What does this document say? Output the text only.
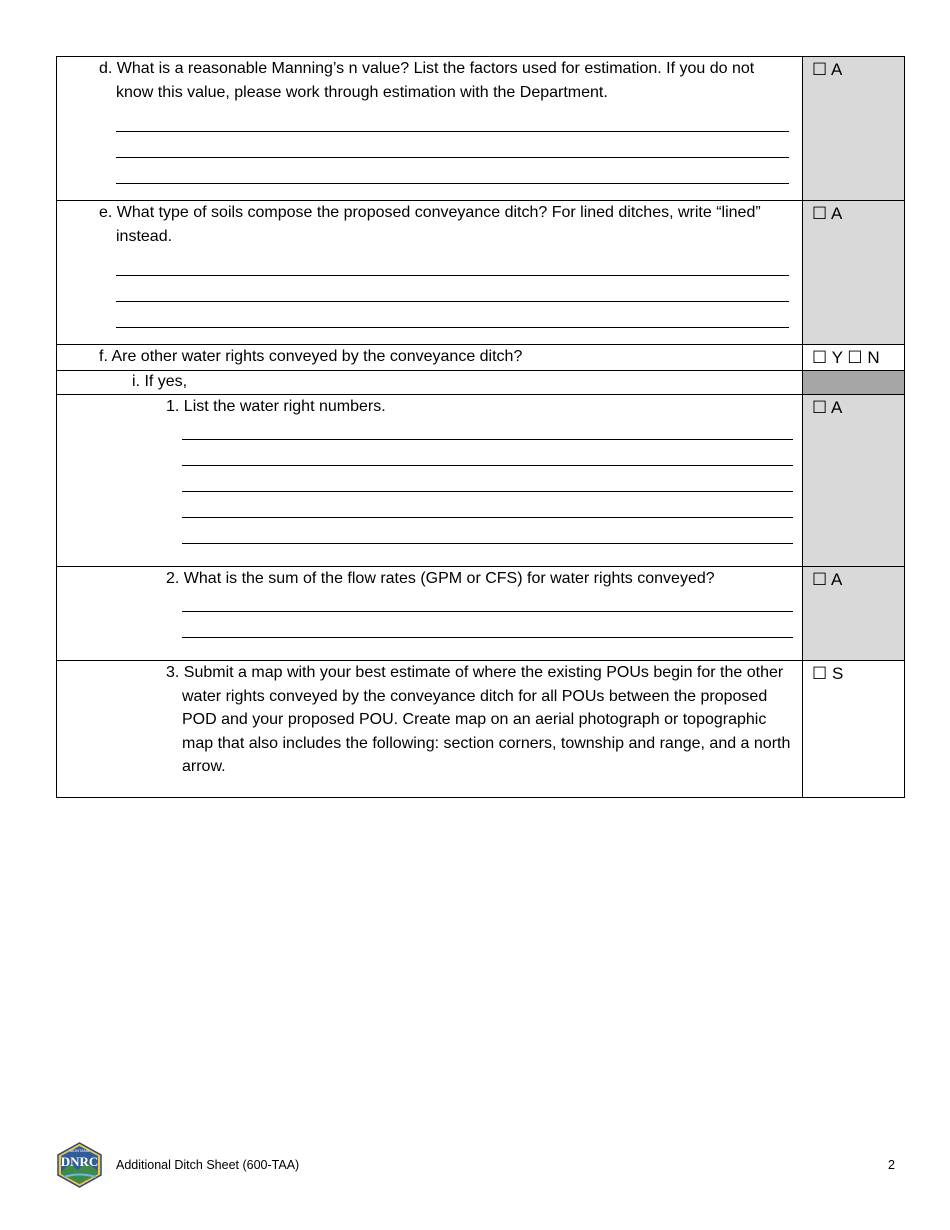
d. What is a reasonable Manning’s n value? List the factors used for estimation. If you do not know this value, please work through estimation with the Department.	☐ A

e. What type of soils compose the proposed conveyance ditch? For lined ditches, write “lined” instead.	☐ A

f. Are other water rights conveyed by the conveyance ditch?	☐ Y ☐ N

i. If yes,	

1. List the water right numbers.	☐ A

2. What is the sum of the flow rates (GPM or CFS) for water rights conveyed?	☐ A

3. Submit a map with your best estimate of where the existing POUs begin for the other water rights conveyed by the conveyance ditch for all POUs between the proposed POD and your proposed POU. Create map on an aerial photograph or topographic map that also includes the following: section corners, township and range, and a north arrow.	☐ S
MONTANA
DNRC Additional Ditch Sheet (600-TAA)	2
